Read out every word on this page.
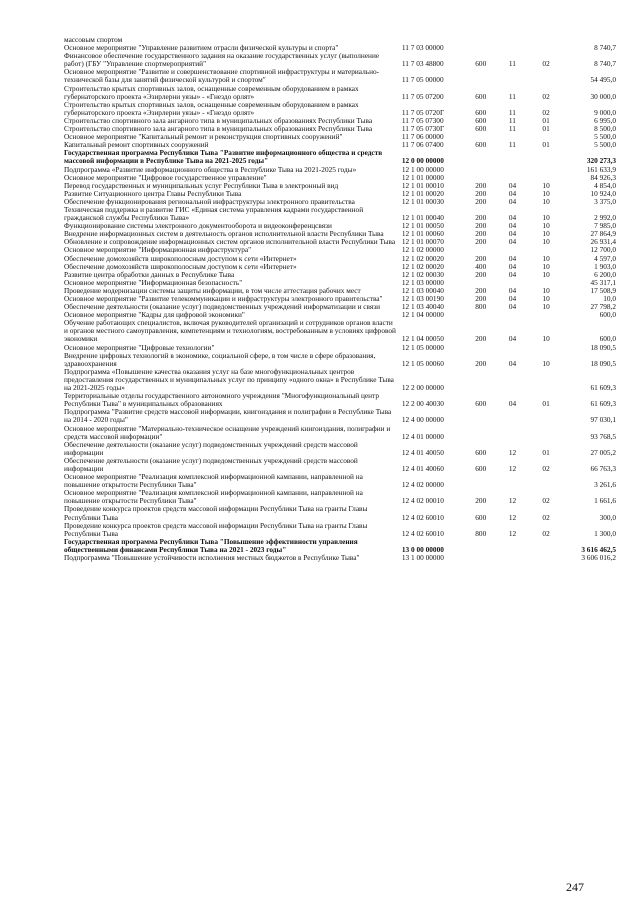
массовым спортом					
Основное мероприятие "Управление развитием отрасли физической культуры и спорта"	11 7 03 00000				8 740,7
Финансовое обеспечение государственного задания на оказание государственных услуг (выполнение работ) (ГБУ "Управление спортмероприятий"	11 7 03 48800	600	11	02	8 740,7
Основное мероприятие "Развитие и совершенствование спортивной инфраструктуры и материально-технической базы для занятий физической культурой и спортом"	11 7 05 00000				54 495,0
Строительство крытых спортивных залов, оснащенные современным оборудованием в рамках губернаторского проекта «Эзирлерни уязы» - «Гнездо орлят»	11 7 05 07200	600	11	02	30 000,0
Строительство крытых спортивных залов, оснащенные современным оборудованием в рамках губернаторского проекта «Эзирлерни уязы» - «Гнездо орлят»	11 7 05 0720Г	600	11	02	9 000,0
Строительство спортивного зала ангарного типа в муниципальных образованиях Республики Тыва	11 7 05 07300	600	11	01	6 995,0
Строительство спортивного зала ангарного типа в муниципальных образованиях Республики Тыва	11 7 05 0730Г	600	11	01	8 500,0
Основное мероприятие "Капитальный ремонт и реконструкция спортивных сооружений"	11 7 06 00000				5 500,0
Капитальный ремонт спортивных сооружений	11 7 06 07400	600	11	01	5 500,0
Государственная программа Республики Тыва "Развитие информационного общества и средств массовой информации в Республике Тыва на 2021-2025 годы"	12 0 00 00000				320 273,3
Подпрограмма «Развитие информационного общества в Республике Тыва на 2021-2025 годы»	12 1 00 00000				161 633,9
Основное мероприятие "Цифровое государственное управление"	12 1 01 00000				84 926,3
Перевод государственных и муниципальных услуг Республики Тыва в электронный вид	12 1 01 00010	200	04	10	4 854,0
Развитие Ситуационного центра Главы Республики Тыва	12 1 01 00020	200	04	10	10 924,0
Обеспечение функционирования региональной инфраструктуры электронного правительства	12 1 01 00030	200	04	10	3 375,0
Техническая поддержка и развитие ГИС «Единая система управления кадрами государственной гражданской службы Республики Тыва»	12 1 01 00040	200	04	10	2 992,0
Функционирование системы электронного документооборота и видеоконференцсвязи	12 1 01 00050	200	04	10	7 985,0
Внедрение информационных систем в деятельность органов исполнительной власти Республики Тыва	12 1 01 00060	200	04	10	27 864,9
Обновление и сопровождение информационных систем органов исполнительной власти Республики Тыва	12 1 01 00070	200	04	10	26 931,4
Основное мероприятие "Информационная инфраструктура"	12 1 02 00000				12 700,0
Обеспечение домохозяйств широкополосным доступом к сети «Интернет»	12 1 02 00020	200	04	10	4 597,0
Обеспечение домохозяйств широкополосным доступом к сети «Интернет»	12 1 02 00020	400	04	10	1 903,0
Развитие центра обработки данных в Республике Тыва	12 1 02 00030	200	04	10	6 200,0
Основное мероприятие "Информационная безопасность"	12 1 03 00000				45 317,1
Проведение модернизации системы защиты информации, в том числе аттестация рабочих мест	12 1 03 00040	200	04	10	17 508,9
Основное мероприятие "Развитие телекоммуникации и инфраструктуры электронного правительства"	12 1 03 00190	200	04	10	10,0
Обеспечение деятельности (оказание услуг) подведомственных учреждений информатизации и связи	12 1 03 40040	800	04	10	27 798,2
Основное мероприятие "Кадры для цифровой экономики"	12 1 04 00000				600,0
Обучение работающих специалистов, включая руководителей организаций и сотрудников органов власти и органов местного самоуправления, компетенциям и технологиям, востребованным в условиях цифровой экономики	12 1 04 00050	200	04	10	600,0
Основное мероприятие "Цифровые технологии"	12 1 05 00000				18 090,5
Внедрение цифровых технологий в экономике, социальной сфере, в том числе в сфере образования, здравоохранения	12 1 05 00060	200	04	10	18 090,5
Подпрограмма «Повышение качества оказания услуг на базе многофункциональных центров предоставления государственных и муниципальных услуг по принципу «одного окна» в Республике Тыва на 2021-2025 годы»	12 2 00 00000				61 609,3
Территориальные отделы государственного автономного учреждения "Многофункциональный центр Республики Тыва" в муниципальных образованиях	12 2 00 40030	600	04	01	61 609,3
Подпрограмма "Развитие средств массовой информации, книгоиздания и полиграфии в Республике Тыва на 2014 - 2020 годы"	12 4 00 00000				97 030,1
Основное мероприятие "Материально-техническое оснащение учреждений книгоиздания, полиграфии и средств массовой информации"	12 4 01 00000				93 768,5
Обеспечение деятельности (оказание услуг) подведомственных учреждений средств массовой информации	12 4 01 40050	600	12	01	27 005,2
Обеспечение деятельности (оказание услуг) подведомственных учреждений средств массовой информации	12 4 01 40060	600	12	02	66 763,3
Основное мероприятие "Реализация комплексной информационной кампании, направленной на повышение открытости Республики Тыва"	12 4 02 00000				3 261,6
Основное мероприятие "Реализация комплексной информационной кампании, направленной на повышение открытости Республики Тыва"	12 4 02 00010	200	12	02	1 661,6
Проведение конкурса проектов средств массовой информации Республики Тыва на гранты Главы Республики Тыва	12 4 02 60010	600	12	02	300,0
Проведение конкурса проектов средств массовой информации Республики Тыва на гранты Главы Республики Тыва	12 4 02 60010	800	12	02	1 300,0
Государственная программа Республики Тыва "Повышение эффективности управления общественными финансами Республики Тыва на 2021 - 2023 годы"	13 0 00 00000				3 616 462,5
Подпрограмма "Повышение устойчивости исполнения местных бюджетов в Республике Тыва"	13 1 00 00000				3 606 016,2
247
